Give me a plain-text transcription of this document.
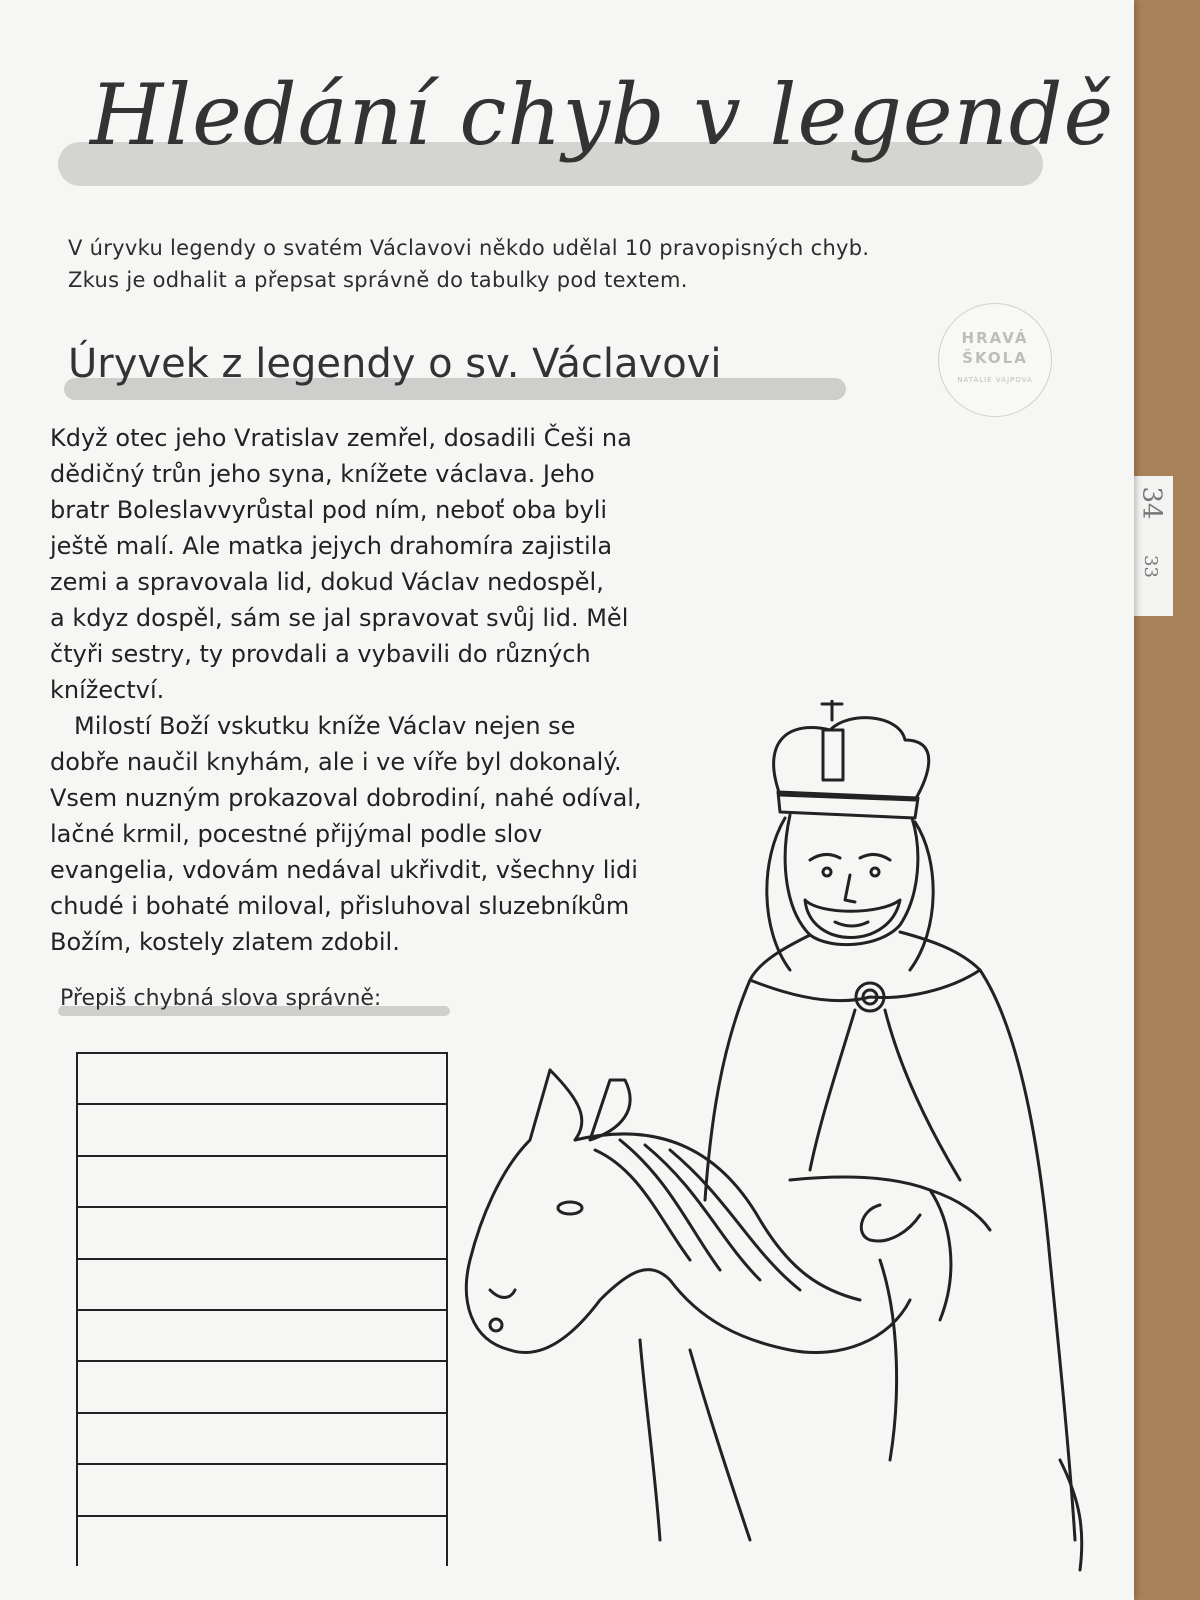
34
33
Hledání chyb v legendě
V úryvku legendy o svatém Václavovi někdo udělal 10 pravopisných chyb.
Zkus je odhalit a přepsat správně do tabulky pod textem.
HRAVÁ
ŠKOLA
NATÁLIE VAJPOVÁ
Úryvek z legendy o sv. Václavovi
Když otec jeho Vratislav zemřel, dosadili Češi na
dědičný trůn jeho syna, knížete václava. Jeho
bratr Boleslavvyrůstal pod ním, neboť oba byli
ještě malí. Ale matka jejych drahomíra zajistila
zemi a spravovala lid, dokud Václav nedospěl,
a kdyz dospěl, sám se jal spravovat svůj lid. Měl
čtyři sestry, ty provdali a vybavili do různých
knížectví.
Milostí Boží vskutku kníže Václav nejen se
dobře naučil knyhám, ale i ve víře byl dokonalý.
Vsem nuzným prokazoval dobrodiní, nahé odíval,
lačné krmil, pocestné přijýmal podle slov
evangelia, vdovám nedával ukřivdit, všechny lidi
chudé i bohaté miloval, přisluhoval sluzebníkům
Božím, kostely zlatem zdobil.
Přepiš chybná slova správně:
